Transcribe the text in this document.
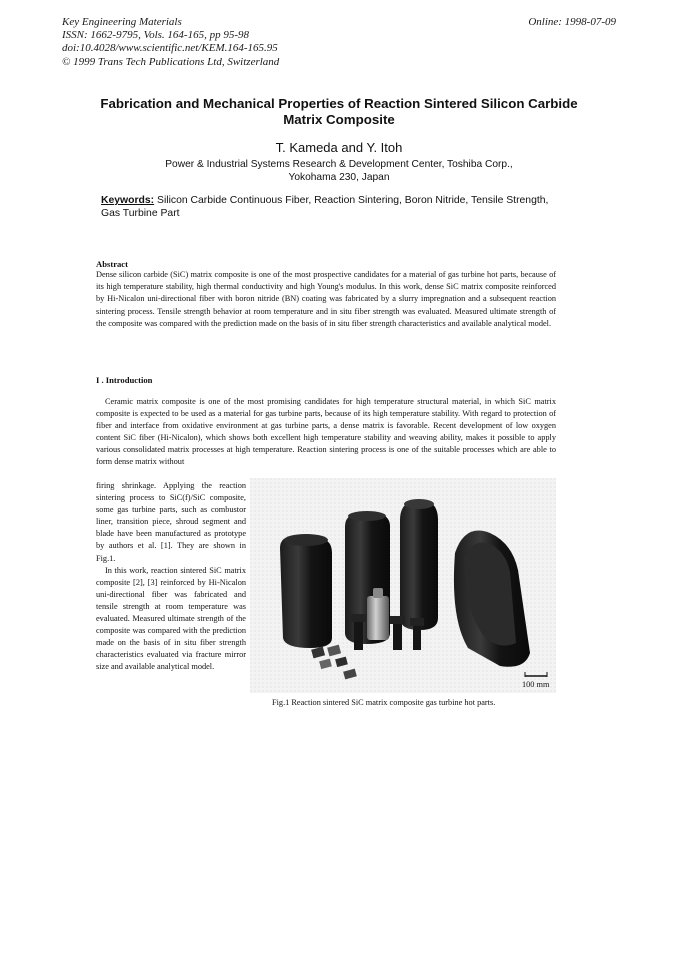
Key Engineering Materials
ISSN: 1662-9795, Vols. 164-165, pp 95-98
doi:10.4028/www.scientific.net/KEM.164-165.95
© 1999 Trans Tech Publications Ltd, Switzerland
Online: 1998-07-09
Fabrication and Mechanical Properties of Reaction Sintered Silicon Carbide Matrix Composite
T. Kameda and Y. Itoh
Power & Industrial Systems Research & Development Center, Toshiba Corp.,
Yokohama 230, Japan
Keywords: Silicon Carbide Continuous Fiber, Reaction Sintering, Boron Nitride, Tensile Strength, Gas Turbine Part
Abstract
Dense silicon carbide (SiC) matrix composite is one of the most prospective candidates for a material of gas turbine hot parts, because of its high temperature stability, high thermal conductivity and high Young's modulus. In this work, dense SiC matrix composite reinforced by Hi-Nicalon uni-directional fiber with boron nitride (BN) coating was fabricated by a slurry impregnation and a subsequent reaction sintering process. Tensile strength behavior at room temperature and in situ fiber strength was evaluated. Measured ultimate strength of the composite was compared with the prediction made on the basis of in situ fiber strength characteristics and available analytical model.
I . Introduction

Ceramic matrix composite is one of the most promising candidates for high temperature structural material, in which SiC matrix composite is expected to be used as a material for gas turbine parts, because of its high temperature stability. With regard to protection of fiber and interface from oxidative environment at gas turbine parts, a dense matrix is favorable. Recent development of low oxygen content SiC fiber (Hi-Nicalon), which shows both excellent high temperature stability and weaving ability, makes it possible to apply various consolidated matrix processes at high temperature. Reaction sintering process is one of the suitable processes which are able to form dense matrix without

firing shrinkage. Applying the reaction sintering process to SiC(f)/SiC composite, some gas turbine parts, such as combustor liner, transition piece, shroud segment and blade have been manufactured as prototype by authors et al. [1]. They are shown in Fig.1.

In this work, reaction sintered SiC matrix composite [2], [3] reinforced by Hi-Nicalon uni-directional fiber was fabricated and tensile strength at room temperature was evaluated. Measured ultimate strength of the composite was compared with the prediction made on the basis of in situ fiber strength characteristics evaluated via fracture mirror size and available analytical model.

100 mm
Fig.1 Reaction sintered SiC matrix composite gas turbine hot parts.
